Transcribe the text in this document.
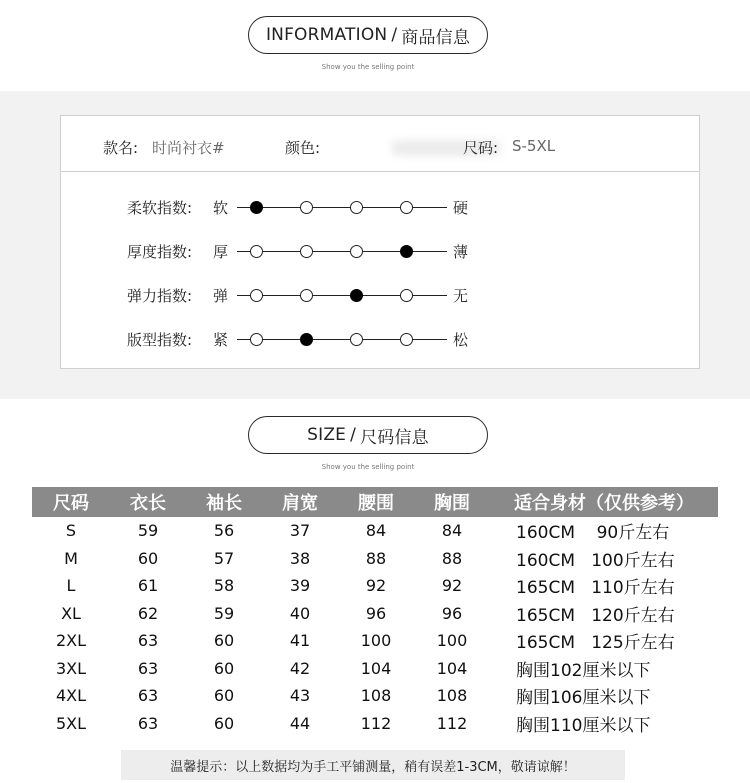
INFORMATION / 商品信息
Show you the selling point
款名: 时尚衬衣#	颜色:	尺码: S-5XL
柔软指数: 软	硬
厚度指数: 厚	薄
弹力指数: 弹	无
版型指数: 紧	松
SIZE / 尺码信息
Show you the selling point
尺码	衣长	袖长	肩宽	腰围	胸围	适合身材（仅供参考）
S	59	56	37	84	84	160CM    90斤左右
M	60	57	38	88	88	160CM   100斤左右
L	61	58	39	92	92	165CM   110斤左右
XL	62	59	40	96	96	165CM   120斤左右
2XL	63	60	41	100	100	165CM   125斤左右
3XL	63	60	42	104	104	胸围102厘米以下
4XL	63	60	43	108	108	胸围106厘米以下
5XL	63	60	44	112	112	胸围110厘米以下
温馨提示：以上数据均为手工平铺测量，稍有误差1-3CM，敬请谅解！
